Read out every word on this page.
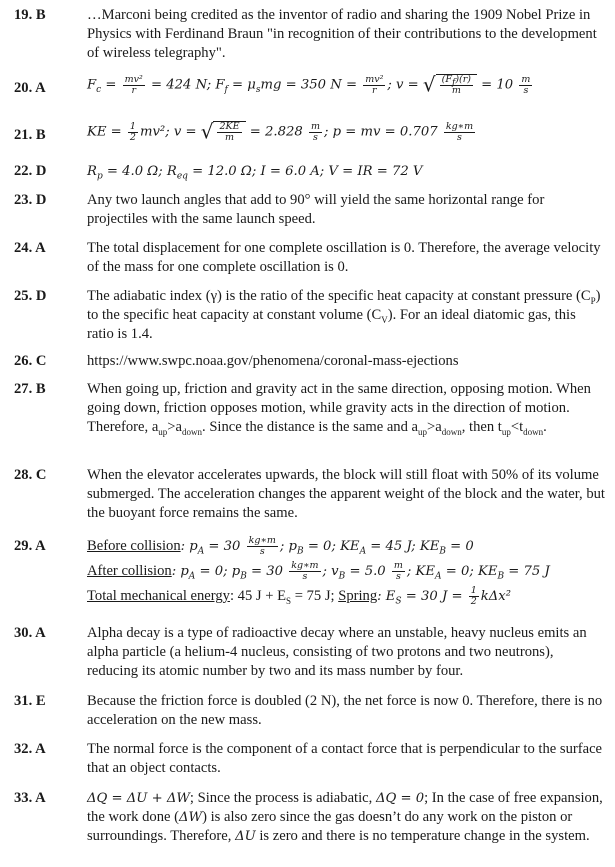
19. B	…Marconi being credited as the inventor of radio and sharing the 1909 Nobel Prize in Physics with Ferdinand Braun "in recognition of their contributions to the development of wireless telegraphy".
20. A	$F_c = \frac{\text{mv²}}{r} = 424$ N; $F_f = \mu_smg = 350$ $N = \frac{\text{mv²}}{r}$ ; v = √ $\frac{(F_f)(r)}{m} = 10 \frac{m}{s}$
21. B	KE = $\frac{1}{2} mv^2$; v = √ $\frac{2KE}{m} = 2.828 \frac{m}{s}$ ; p = mv = $0.707 \frac{kg∗m}{s}$
22. D	$R_p = 4.0$ Ω; $R_{eq} = 12.0$ Ω; I = 6.0 A; V = IR = 72 V
23. D	Any two launch angles that add to 90° will yield the same horizontal range for projectiles with the same launch speed.
24. A	The total displacement for one complete oscillation is 0. Therefore, the average velocity of the mass for one complete oscillation is 0.
25. D	The adiabatic index (γ) is the ratio of the specific heat capacity at constant pressure $(C_P)$ to the specific heat capacity at constant volume $(C_V)$. For an ideal diatomic gas, this ratio is 1.4.
26. C	https://www.swpc.noaa.gov/phenomena/coronal-mass-ejections
27. B	When going up, friction and gravity act in the same direction, opposing motion. When going down, friction opposes motion, while gravity acts in the direction of motion. Therefore, $a_{up}>a_{down}$. Since the distance is the same and $a_{up}>a_{down}$, then $t_{up}<t_{down}$.
28. C	When the elevator accelerates upwards, the block will still float with 50% of its volume submerged. The acceleration changes the apparent weight of the block and the water, but the buoyant force remains the same.
29. A	Before collision: $p_A = 30 \frac{kg∗m}{s}$ ; $p_B = 0$; $KE_A = 45$ J; $KE_B = 0$
After collision: $p_A = 0$; $p_B = 30 \frac{kg∗m}{s}$ ; $v_B = 5.0 \frac{m}{s}$ ; $KE_A = 0$; $KE_B = 75$ J
Total mechanical energy: 45 $J + E_S = 75$ J; Spring: $E_S = 30$ $J = \frac{1}{2} k\Delta x^2$
30. A	Alpha decay is a type of radioactive decay where an unstable, heavy nucleus emits an alpha particle (a helium-4 nucleus, consisting of two protons and two neutrons), reducing its atomic number by two and its mass number by four.
31. E	Because the friction force is doubled (2 N), the net force is now 0. Therefore, there is no acceleration on the new mass.
32. A	The normal force is the component of a contact force that is perpendicular to the surface that an object contacts.
33. A	ΔQ = ΔU + ΔW; Since the process is adiabatic, ΔQ = 0; In the case of free expansion, the work done (ΔW) is also zero since the gas doesn’t do any work on the piston or surroundings. Therefore, ΔU is zero and there is no temperature change in the system.
